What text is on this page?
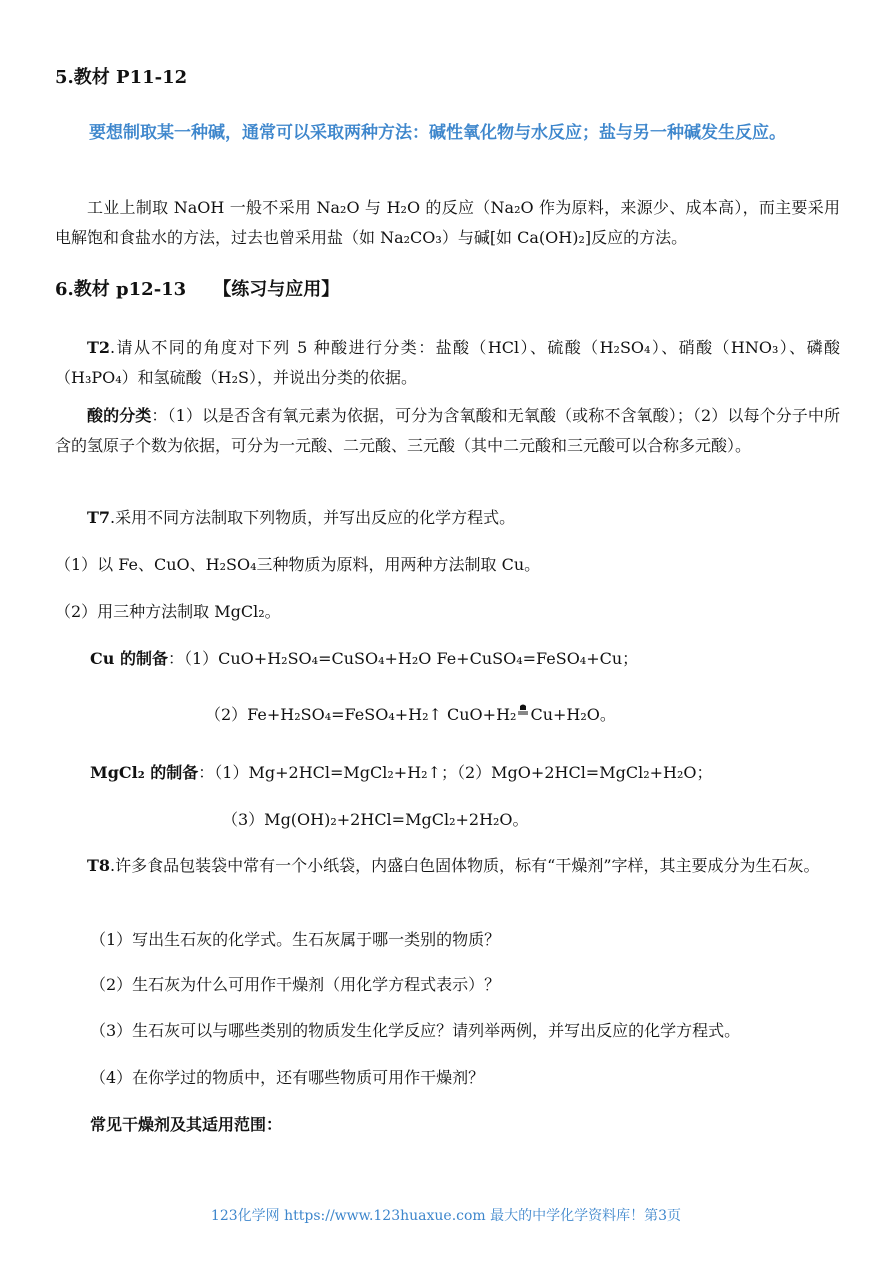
5.教材 P11-12
要想制取某一种碱，通常可以采取两种方法：碱性氧化物与水反应；盐与另一种碱发生反应。
工业上制取 NaOH 一般不采用 Na₂O 与 H₂O 的反应（Na₂O 作为原料，来源少、成本高），而主要采用电解饱和食盐水的方法，过去也曾采用盐（如 Na₂CO₃）与碱[如 Ca(OH)₂]反应的方法。
6.教材 p12-13　　【练习与应用】
T2.请从不同的角度对下列 5 种酸进行分类：盐酸（HCl）、硫酸（H₂SO₄）、硝酸（HNO₃）、磷酸（H₃PO₄）和氢硫酸（H₂S），并说出分类的依据。
酸的分类：（1）以是否含有氧元素为依据，可分为含氧酸和无氧酸（或称不含氧酸）；（2）以每个分子中所含的氢原子个数为依据，可分为一元酸、二元酸、三元酸（其中二元酸和三元酸可以合称多元酸）。
T7.采用不同方法制取下列物质，并写出反应的化学方程式。
（1）以 Fe、CuO、H₂SO₄三种物质为原料，用两种方法制取 Cu。
（2）用三种方法制取 MgCl₂。
Cu 的制备：（1）CuO+H₂SO₄=CuSO₄+H₂O Fe+CuSO₄=FeSO₄+Cu；
（2）Fe+H₂SO₄=FeSO₄+H₂↑ CuO+H₂ Cu+H₂O。
MgCl₂ 的制备：（1）Mg+2HCl=MgCl₂+H₂↑；（2）MgO+2HCl=MgCl₂+H₂O；
（3）Mg(OH)₂+2HCl=MgCl₂+2H₂O。
T8.许多食品包装袋中常有一个小纸袋，内盛白色固体物质，标有“干燥剂”字样，其主要成分为生石灰。
（1）写出生石灰的化学式。生石灰属于哪一类别的物质？
（2）生石灰为什么可用作干燥剂（用化学方程式表示）？
（3）生石灰可以与哪些类别的物质发生化学反应？请列举两例，并写出反应的化学方程式。
（4）在你学过的物质中，还有哪些物质可用作干燥剂？
常见干燥剂及其适用范围：
123化学网 https://www.123huaxue.com 最大的中学化学资料库！第3页
